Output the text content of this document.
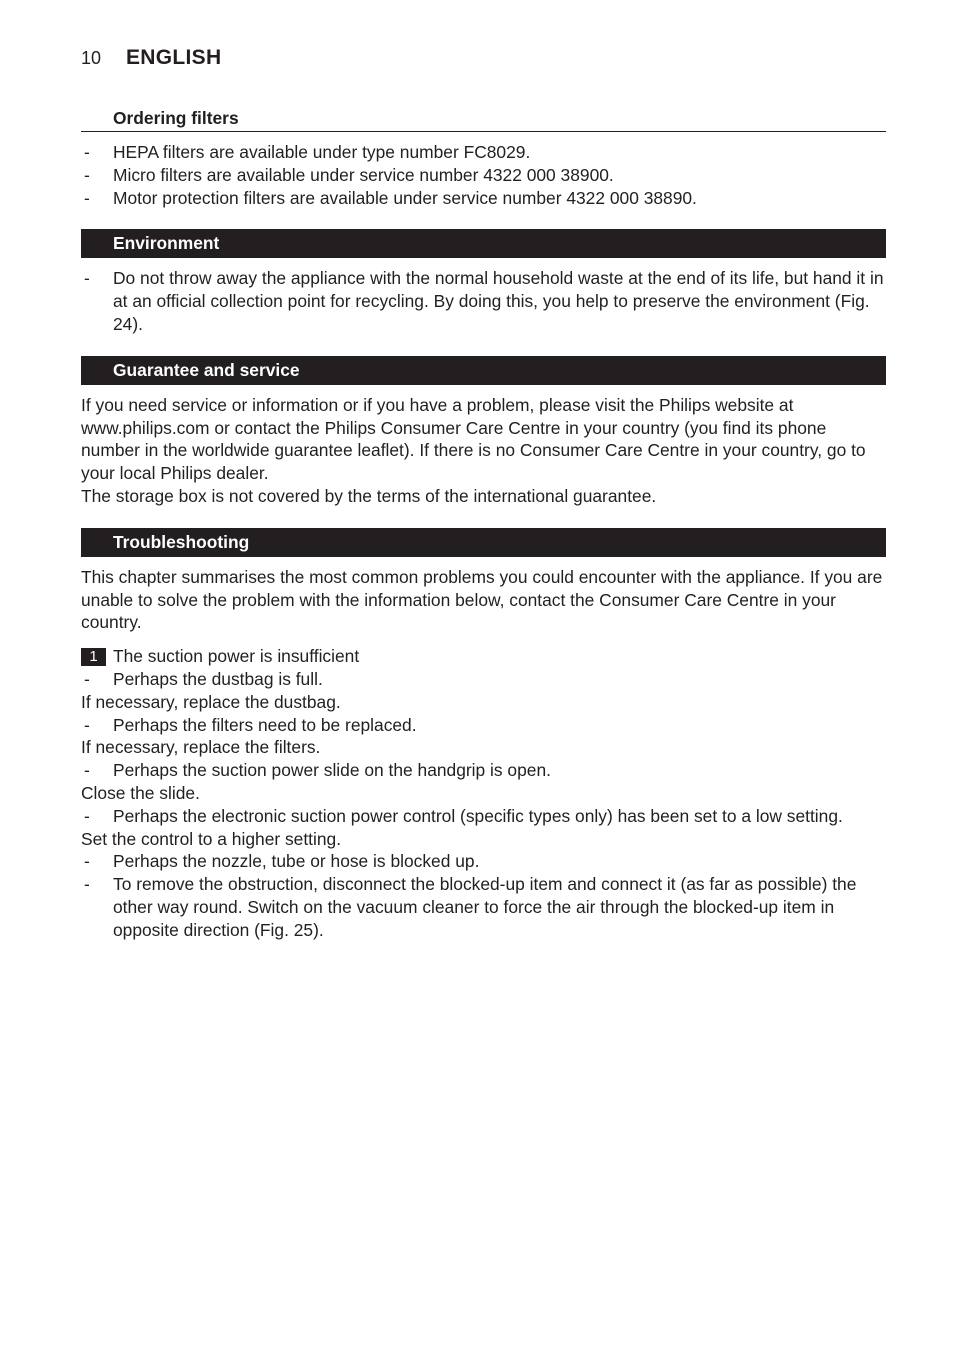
10	ENGLISH
Ordering filters
-	HEPA filters are available under type number FC8029.
-	Micro filters are available under service number 4322 000 38900.
-	Motor protection filters are available under service number 4322 000 38890.
Environment
-	Do not throw away the appliance with the normal household waste at the end of its life, but hand it in at an official collection point for recycling. By doing this, you help to preserve the environment (Fig. 24).
Guarantee and service
If you need service or information or if you have a problem, please visit the Philips website at www.philips.com or contact the Philips Consumer Care Centre in your country (you find its phone number in the worldwide guarantee leaflet). If there is no Consumer Care Centre in your country, go to your local Philips dealer.
The storage box is not covered by the terms of the international guarantee.
Troubleshooting
This chapter summarises the most common problems you could encounter with the appliance. If you are unable to solve the problem with the information below, contact the Consumer Care Centre in your country.
1 The suction power is insufficient
-	Perhaps the dustbag is full.
If necessary, replace the dustbag.
-	Perhaps the filters need to be replaced.
If necessary, replace the filters.
-	Perhaps the suction power slide on the handgrip is open.
Close the slide.
-	Perhaps the electronic suction power control (specific types only) has been set to a low setting.
Set the control to a higher setting.
-	Perhaps the nozzle, tube or hose is blocked up.
-	To remove the obstruction, disconnect the blocked-up item and connect it (as far as possible) the other way round. Switch on the vacuum cleaner to force the air through the blocked-up item in opposite direction (Fig. 25).
